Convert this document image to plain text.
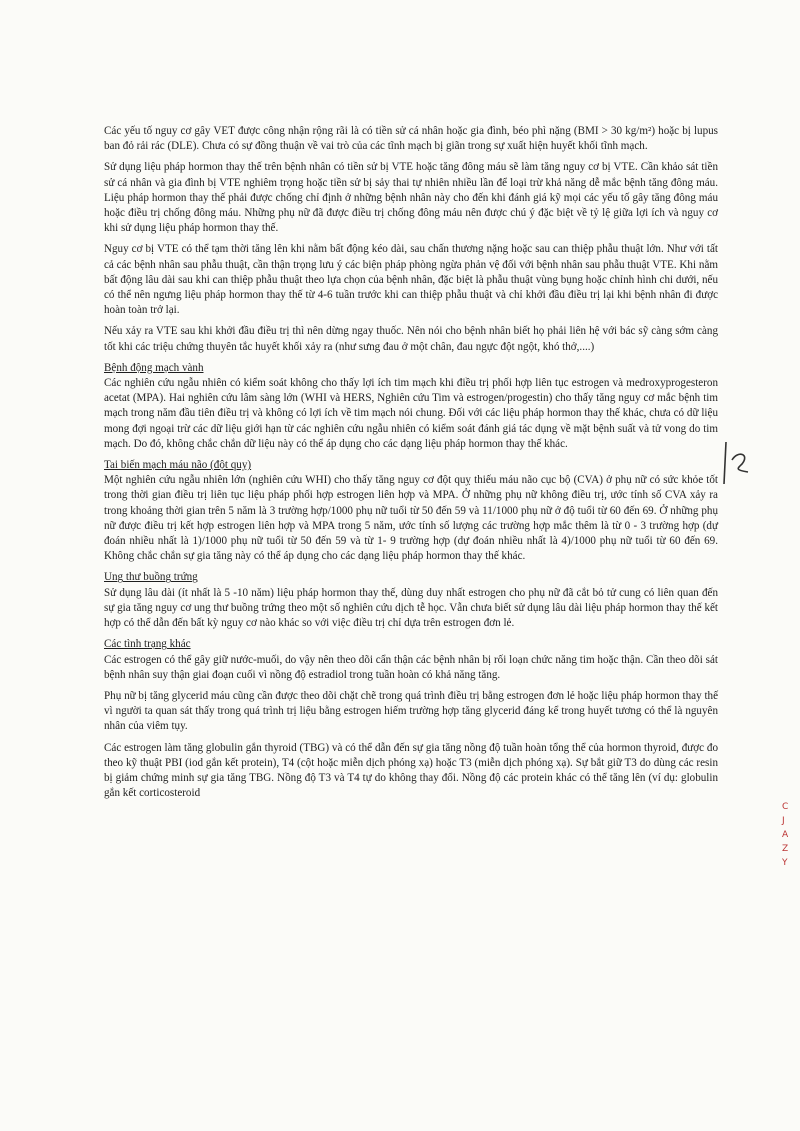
Các yếu tố nguy cơ gây VET được công nhận rộng rãi là có tiền sử cá nhân hoặc gia đình, béo phì nặng (BMI > 30 kg/m²) hoặc bị lupus ban đỏ rải rác (DLE). Chưa có sự đồng thuận về vai trò của các tĩnh mạch bị giãn trong sự xuất hiện huyết khối tĩnh mạch.

Sử dụng liệu pháp hormon thay thế trên bệnh nhân có tiền sử bị VTE hoặc tăng đông máu sẽ làm tăng nguy cơ bị VTE. Cần khảo sát tiền sử cá nhân và gia đình bị VTE nghiêm trọng hoặc tiền sử bị sảy thai tự nhiên nhiều lần để loại trừ khả năng dễ mắc bệnh tăng đông máu. Liệu pháp hormon thay thế phải được chống chỉ định ở những bệnh nhân này cho đến khi đánh giá kỹ mọi các yếu tố gây tăng đông máu hoặc điều trị chống đông máu. Những phụ nữ đã được điều trị chống đông máu nên được chú ý đặc biệt về tỷ lệ giữa lợi ích và nguy cơ khi sử dụng liệu pháp hormon thay thế.

Nguy cơ bị VTE có thể tạm thời tăng lên khi nằm bất động kéo dài, sau chấn thương nặng hoặc sau can thiệp phẫu thuật lớn. Như với tất cả các bệnh nhân sau phẫu thuật, cần thận trọng lưu ý các biện pháp phòng ngừa phản vệ đối với bệnh nhân sau phẫu thuật VTE. Khi nằm bất động lâu dài sau khi can thiệp phẫu thuật theo lựa chọn của bệnh nhân, đặc biệt là phẫu thuật vùng bụng hoặc chỉnh hình chi dưới, nếu có thể nên ngưng liệu pháp hormon thay thế từ 4-6 tuần trước khi can thiệp phẫu thuật và chỉ khởi đầu điều trị lại khi bệnh nhân đi được hoàn toàn trở lại.

Nếu xảy ra VTE sau khi khởi đầu điều trị thì nên dừng ngay thuốc. Nên nói cho bệnh nhân biết họ phải liên hệ với bác sỹ càng sớm càng tốt khi các triệu chứng thuyên tắc huyết khối xảy ra (như sưng đau ở một chân, đau ngực đột ngột, khó thở,....)

Bệnh động mạch vành

Các nghiên cứu ngẫu nhiên có kiểm soát không cho thấy lợi ích tim mạch khi điều trị phối hợp liên tục estrogen và medroxyprogesteron acetat (MPA). Hai nghiên cứu lâm sàng lớn (WHI và HERS, Nghiên cứu Tim và estrogen/progestin) cho thấy tăng nguy cơ mắc bệnh tim mạch trong năm đầu tiên điều trị và không có lợi ích về tim mạch nói chung. Đối với các liệu pháp hormon thay thế khác, chưa có dữ liệu mong đợi ngoại trừ các dữ liệu giới hạn từ các nghiên cứu ngẫu nhiên có kiểm soát đánh giá tác dụng về mặt bệnh suất và tử vong do tim mạch. Do đó, không chắc chắn dữ liệu này có thể áp dụng cho các dạng liệu pháp hormon thay thế khác.

Tai biến mạch máu não (đột quỵ)

Một nghiên cứu ngẫu nhiên lớn (nghiên cứu WHI) cho thấy tăng nguy cơ đột quỵ thiếu máu não cục bộ (CVA) ở phụ nữ có sức khỏe tốt trong thời gian điều trị liên tục liệu pháp phối hợp estrogen liên hợp và MPA. Ở những phụ nữ không điều trị, ước tính số CVA xảy ra trong khoảng thời gian trên 5 năm là 3 trường hợp/1000 phụ nữ tuổi từ 50 đến 59 và 11/1000 phụ nữ ở độ tuổi từ 60 đến 69. Ở những phụ nữ được điều trị kết hợp estrogen liên hợp và MPA trong 5 năm, ước tính số lượng các trường hợp mắc thêm là từ 0 - 3 trường hợp (dự đoán nhiều nhất là 1)/1000 phụ nữ tuổi từ 50 đến 59 và từ 1- 9 trường hợp (dự đoán nhiều nhất là 4)/1000 phụ nữ tuổi từ 60 đến 69. Không chắc chắn sự gia tăng này có thể áp dụng cho các dạng liệu pháp hormon thay thế khác.

Ung thư buồng trứng

Sử dụng lâu dài (ít nhất là 5 -10 năm) liệu pháp hormon thay thế, dùng duy nhất estrogen cho phụ nữ đã cắt bỏ tử cung có liên quan đến sự gia tăng nguy cơ ung thư buồng trứng theo một số nghiên cứu dịch tễ học. Vẫn chưa biết sử dụng lâu dài liệu pháp hormon thay thế kết hợp có thể dẫn đến bất kỳ nguy cơ nào khác so với việc điều trị chỉ dựa trên estrogen đơn lẻ.

Các tình trạng khác

Các estrogen có thể gây giữ nước-muối, do vậy nên theo dõi cẩn thận các bệnh nhân bị rối loạn chức năng tim hoặc thận. Cần theo dõi sát bệnh nhân suy thận giai đoạn cuối vì nồng độ estradiol trong tuần hoàn có khả năng tăng.

Phụ nữ bị tăng glycerid máu cũng cần được theo dõi chặt chẽ trong quá trình điều trị bằng estrogen đơn lẻ hoặc liệu pháp hormon thay thế vì người ta quan sát thấy trong quá trình trị liệu bằng estrogen hiếm trường hợp tăng glycerid đáng kể trong huyết tương có thể là nguyên nhân của viêm tụy.

Các estrogen làm tăng globulin gắn thyroid (TBG) và có thể dẫn đến sự gia tăng nồng độ tuần hoàn tổng thể của hormon thyroid, được đo theo kỹ thuật PBI (iod gắn kết protein), T4 (cột hoặc miễn dịch phóng xạ) hoặc T3 (miễn dịch phóng xạ). Sự bắt giữ T3 do dùng các resin bị giảm chứng minh sự gia tăng TBG. Nồng độ T3 và T4 tự do không thay đổi. Nồng độ các protein khác có thể tăng lên (ví dụ: globulin gắn kết corticosteroid

C
J
A
Z
Y
